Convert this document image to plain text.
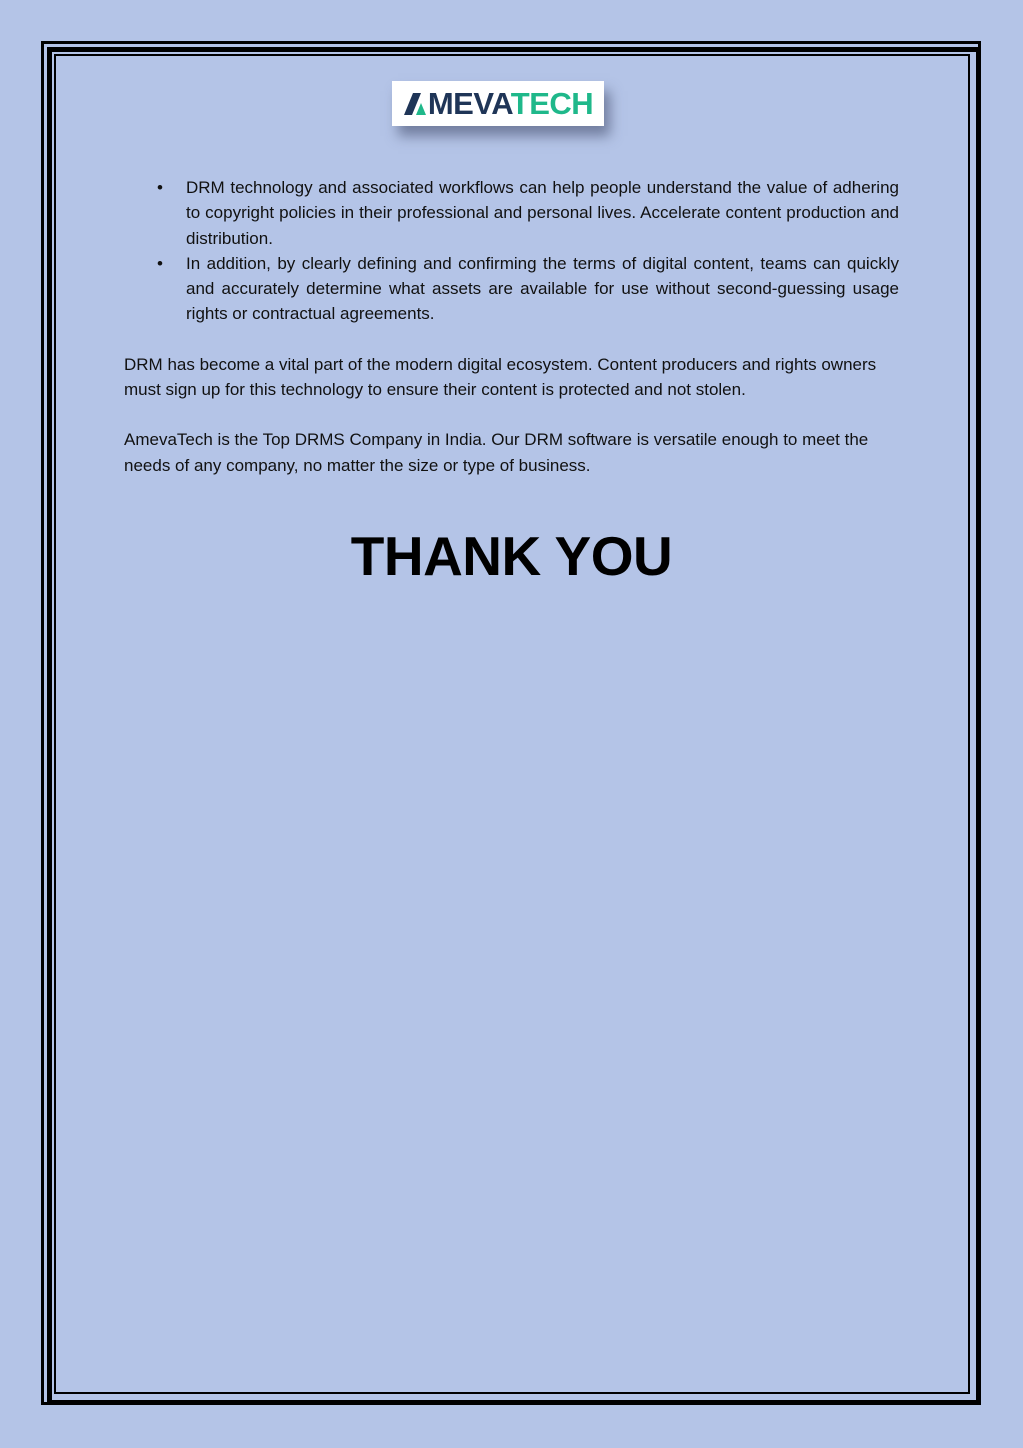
MEVATECH
• DRM technology and associated workflows can help people understand the value of adhering to copyright policies in their professional and personal lives. Accelerate content production and distribution.
• In addition, by clearly defining and confirming the terms of digital content, teams can quickly and accurately determine what assets are available for use without second-guessing usage rights or contractual agreements.

DRM has become a vital part of the modern digital ecosystem. Content producers and rights owners must sign up for this technology to ensure their content is protected and not stolen.

AmevaTech is the Top DRMS Company in India. Our DRM software is versatile enough to meet the needs of any company, no matter the size or type of business.

THANK YOU
